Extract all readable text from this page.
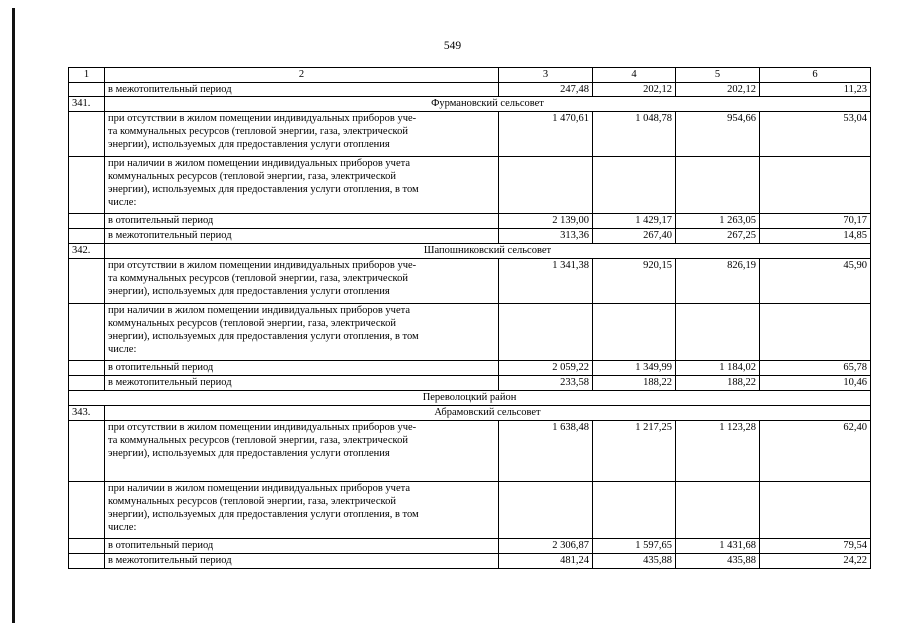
549
1	2	3	4	5	6
	в межотопительный период	247,48	202,12	202,12	11,23
341.	Фурмановский сельсовет				
	при отсутствии в жилом помещении индивидуальных приборов уче-
та коммунальных ресурсов (тепловой энергии, газа, электрической
энергии), используемых для предоставления услуги отопления	1 470,61	1 048,78	954,66	53,04
	при наличии в жилом помещении индивидуальных приборов учета
коммунальных ресурсов (тепловой энергии, газа, электрической
энергии), используемых для предоставления услуги отопления, в том
числе:				
	в отопительный период	2 139,00	1 429,17	1 263,05	70,17
	в межотопительный период	313,36	267,40	267,25	14,85
342.	Шапошниковский сельсовет				
	при отсутствии в жилом помещении индивидуальных приборов уче-
та коммунальных ресурсов (тепловой энергии, газа, электрической
энергии), используемых для предоставления услуги отопления	1 341,38	920,15	826,19	45,90
	при наличии в жилом помещении индивидуальных приборов учета
коммунальных ресурсов (тепловой энергии, газа, электрической
энергии), используемых для предоставления услуги отопления, в том
числе:				
	в отопительный период	2 059,22	1 349,99	1 184,02	65,78
	в межотопительный период	233,58	188,22	188,22	10,46
Переволоцкий район					
343.	Абрамовский сельсовет				
	при отсутствии в жилом помещении индивидуальных приборов уче-
та коммунальных ресурсов (тепловой энергии, газа, электрической
энергии), используемых для предоставления услуги отопления	1 638,48	1 217,25	1 123,28	62,40
	при наличии в жилом помещении индивидуальных приборов учета
коммунальных ресурсов (тепловой энергии, газа, электрической
энергии), используемых для предоставления услуги отопления, в том
числе:				
	в отопительный период	2 306,87	1 597,65	1 431,68	79,54
	в межотопительный период	481,24	435,88	435,88	24,22
